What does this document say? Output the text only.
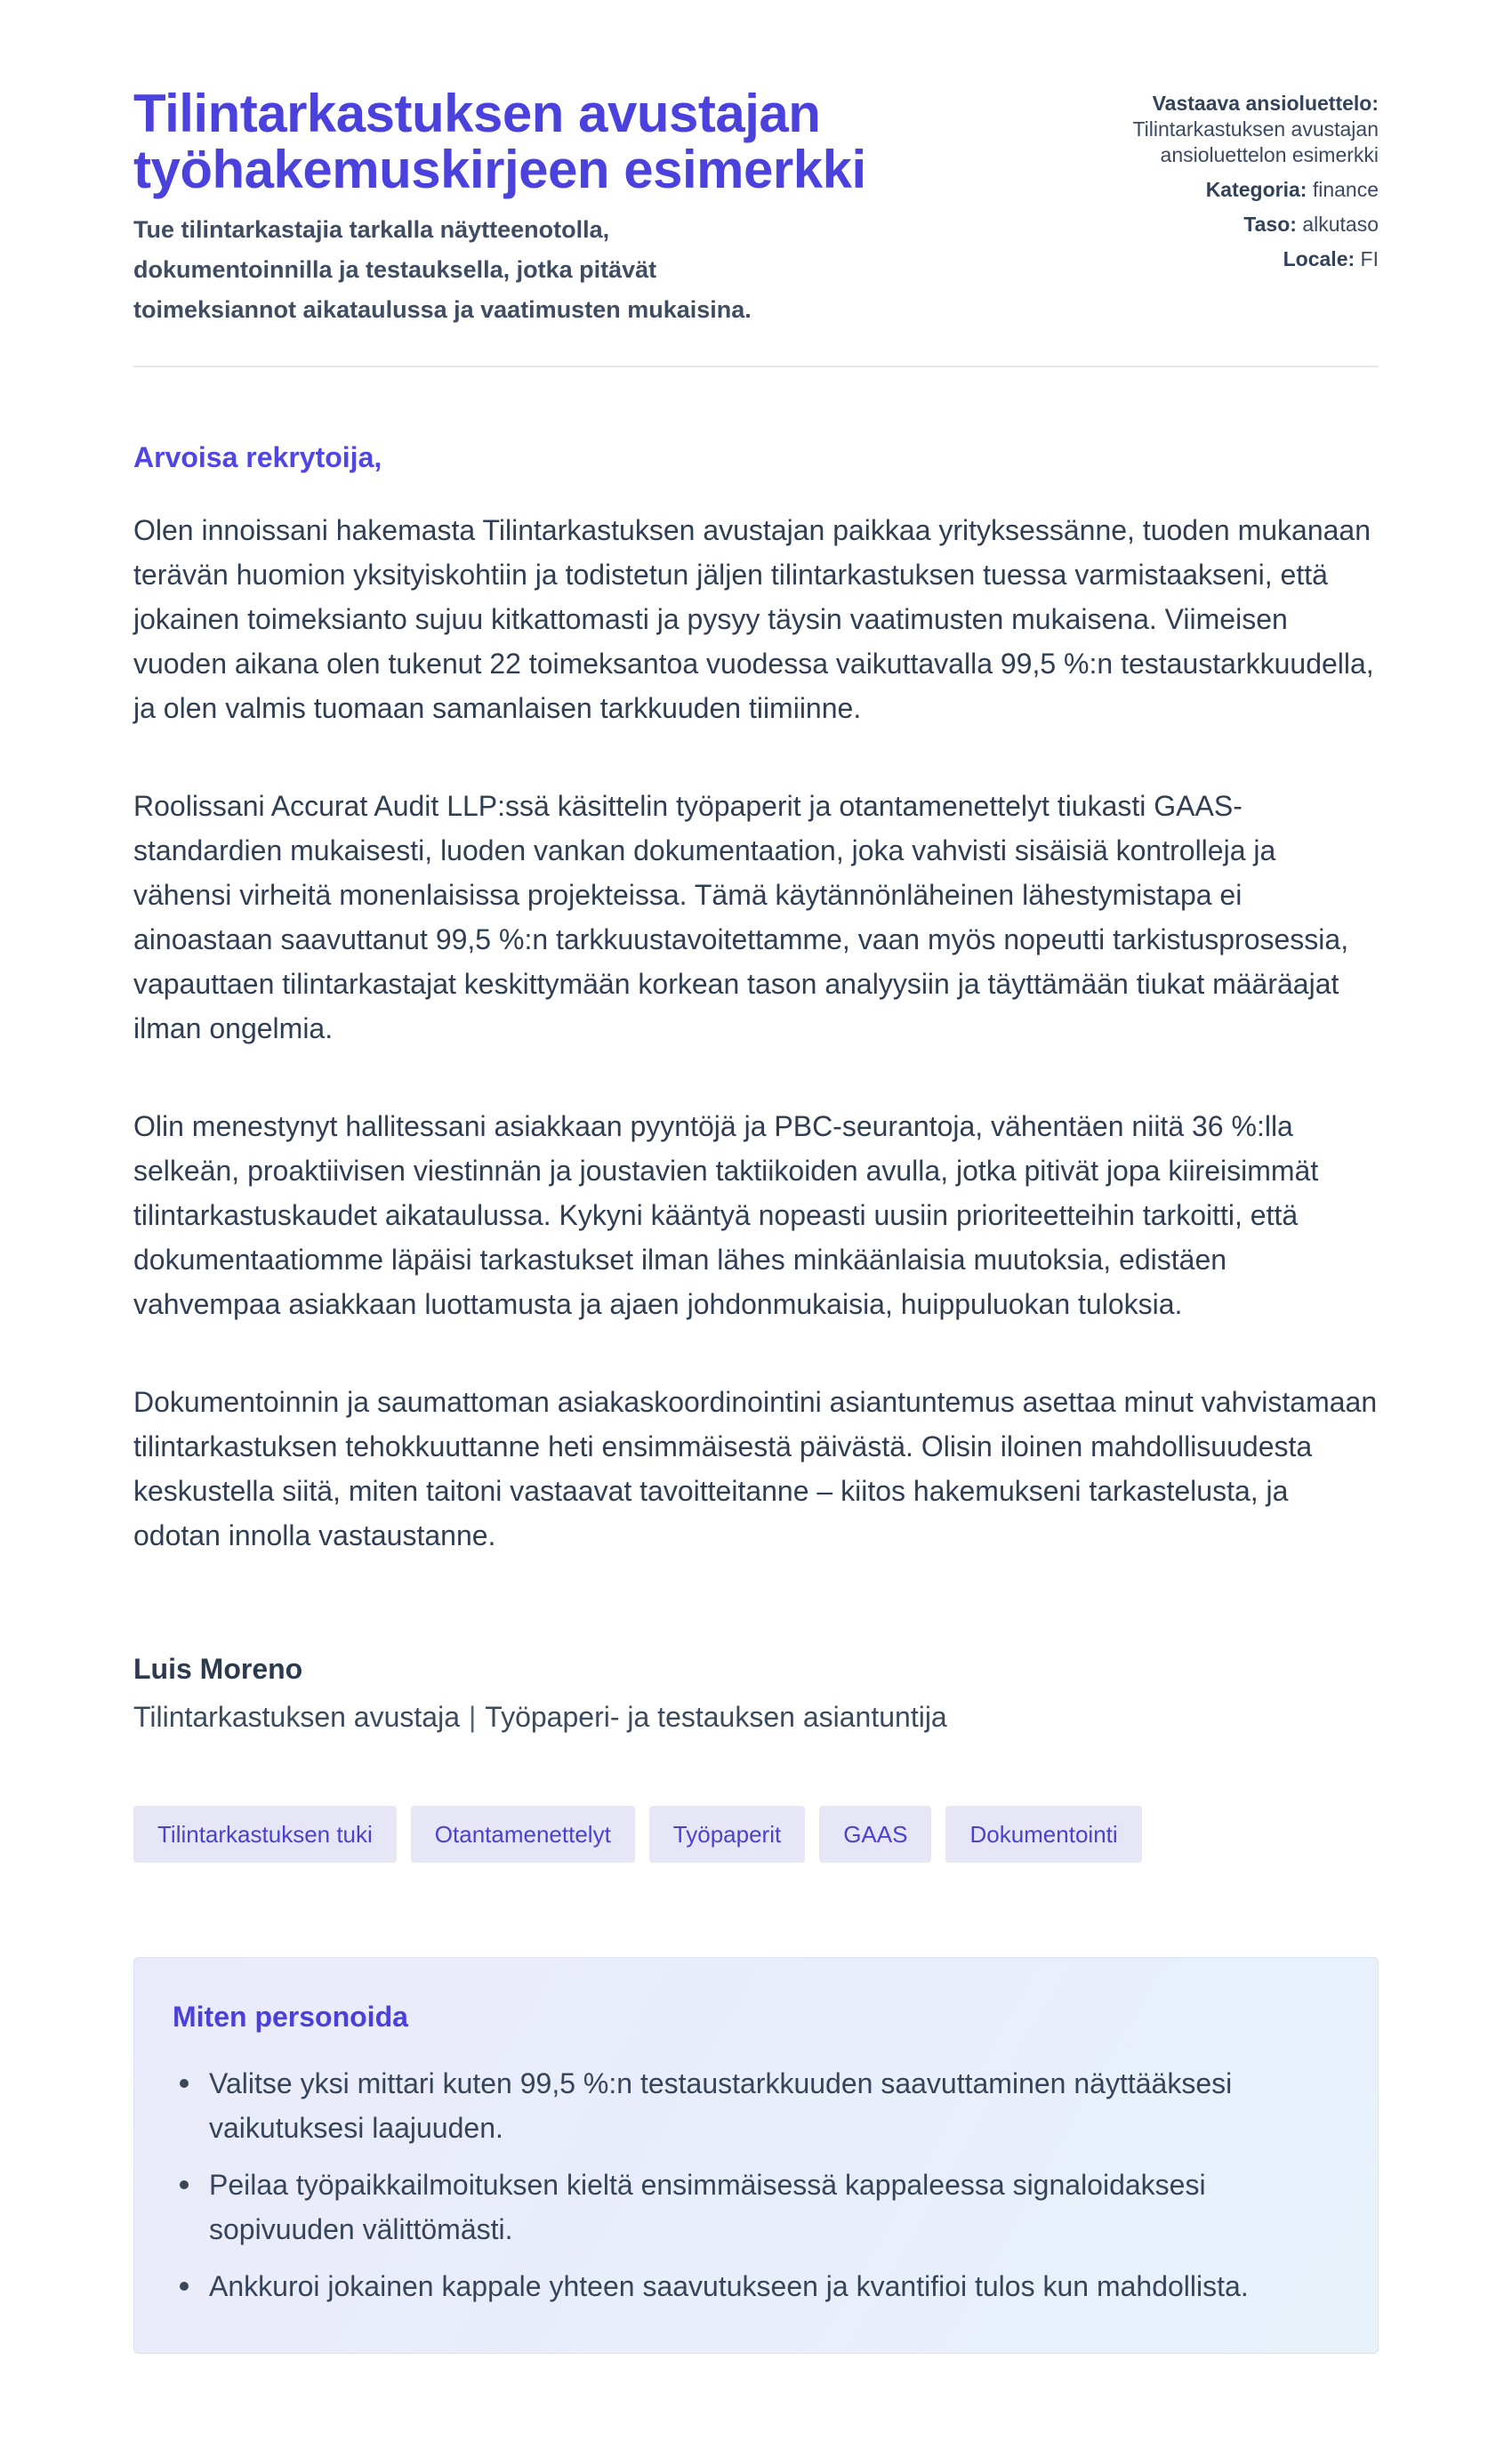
Tilintarkastuksen avustajan työhakemuskirjeen esimerkki

Tue tilintarkastajia tarkalla näytteenotolla, dokumentoinnilla ja testauksella, jotka pitävät toimeksiannot aikataulussa ja vaatimusten mukaisina.

Vastaava ansioluettelo:
Tilintarkastuksen avustajan ansioluettelon esimerkki
Kategoria: finance
Taso: alkutaso
Locale: FI
Arvoisa rekrytoija,

Olen innoissani hakemasta Tilintarkastuksen avustajan paikkaa yrityksessänne, tuoden mukanaan terävän huomion yksityiskohtiin ja todistetun jäljen tilintarkastuksen tuessa varmistaakseni, että jokainen toimeksianto sujuu kitkattomasti ja pysyy täysin vaatimusten mukaisena. Viimeisen vuoden aikana olen tukenut 22 toimeksantoa vuodessa vaikuttavalla 99,5 %:n testaustarkkuudella, ja olen valmis tuomaan samanlaisen tarkkuuden tiimiinne.

Roolissani Accurat Audit LLP:ssä käsittelin työpaperit ja otantamenettelyt tiukasti GAAS-standardien mukaisesti, luoden vankan dokumentaation, joka vahvisti sisäisiä kontrolleja ja vähensi virheitä monenlaisissa projekteissa. Tämä käytännönläheinen lähestymistapa ei ainoastaan saavuttanut 99,5 %:n tarkkuustavoitettamme, vaan myös nopeutti tarkistusprosessia, vapauttaen tilintarkastajat keskittymään korkean tason analyysiin ja täyttämään tiukat määräajat ilman ongelmia.

Olin menestynyt hallitessani asiakkaan pyyntöjä ja PBC-seurantoja, vähentäen niitä 36 %:lla selkeän, proaktiivisen viestinnän ja joustavien taktiikoiden avulla, jotka pitivät jopa kiireisimmät tilintarkastuskaudet aikataulussa. Kykyni kääntyä nopeasti uusiin prioriteetteihin tarkoitti, että dokumentaatiomme läpäisi tarkastukset ilman lähes minkäänlaisia muutoksia, edistäen vahvempaa asiakkaan luottamusta ja ajaen johdonmukaisia, huippuluokan tuloksia.

Dokumentoinnin ja saumattoman asiakaskoordinointini asiantuntemus asettaa minut vahvistamaan tilintarkastuksen tehokkuuttanne heti ensimmäisestä päivästä. Olisin iloinen mahdollisuudesta keskustella siitä, miten taitoni vastaavat tavoitteitanne – kiitos hakemukseni tarkastelusta, ja odotan innolla vastaustanne.

Luis Moreno
Tilintarkastuksen avustaja | Työpaperi- ja testauksen asiantuntija
Tilintarkastuksen tuki	Otantamenettelyt	Työpaperit	GAAS	Dokumentointi
Miten personoida
Valitse yksi mittari kuten 99,5 %:n testaustarkkuuden saavuttaminen näyttääksesi vaikutuksesi laajuuden.
Peilaa työpaikkailmoituksen kieltä ensimmäisessä kappaleessa signaloidaksesi sopivuuden välittömästi.
Ankkuroi jokainen kappale yhteen saavutukseen ja kvantifioi tulos kun mahdollista.
